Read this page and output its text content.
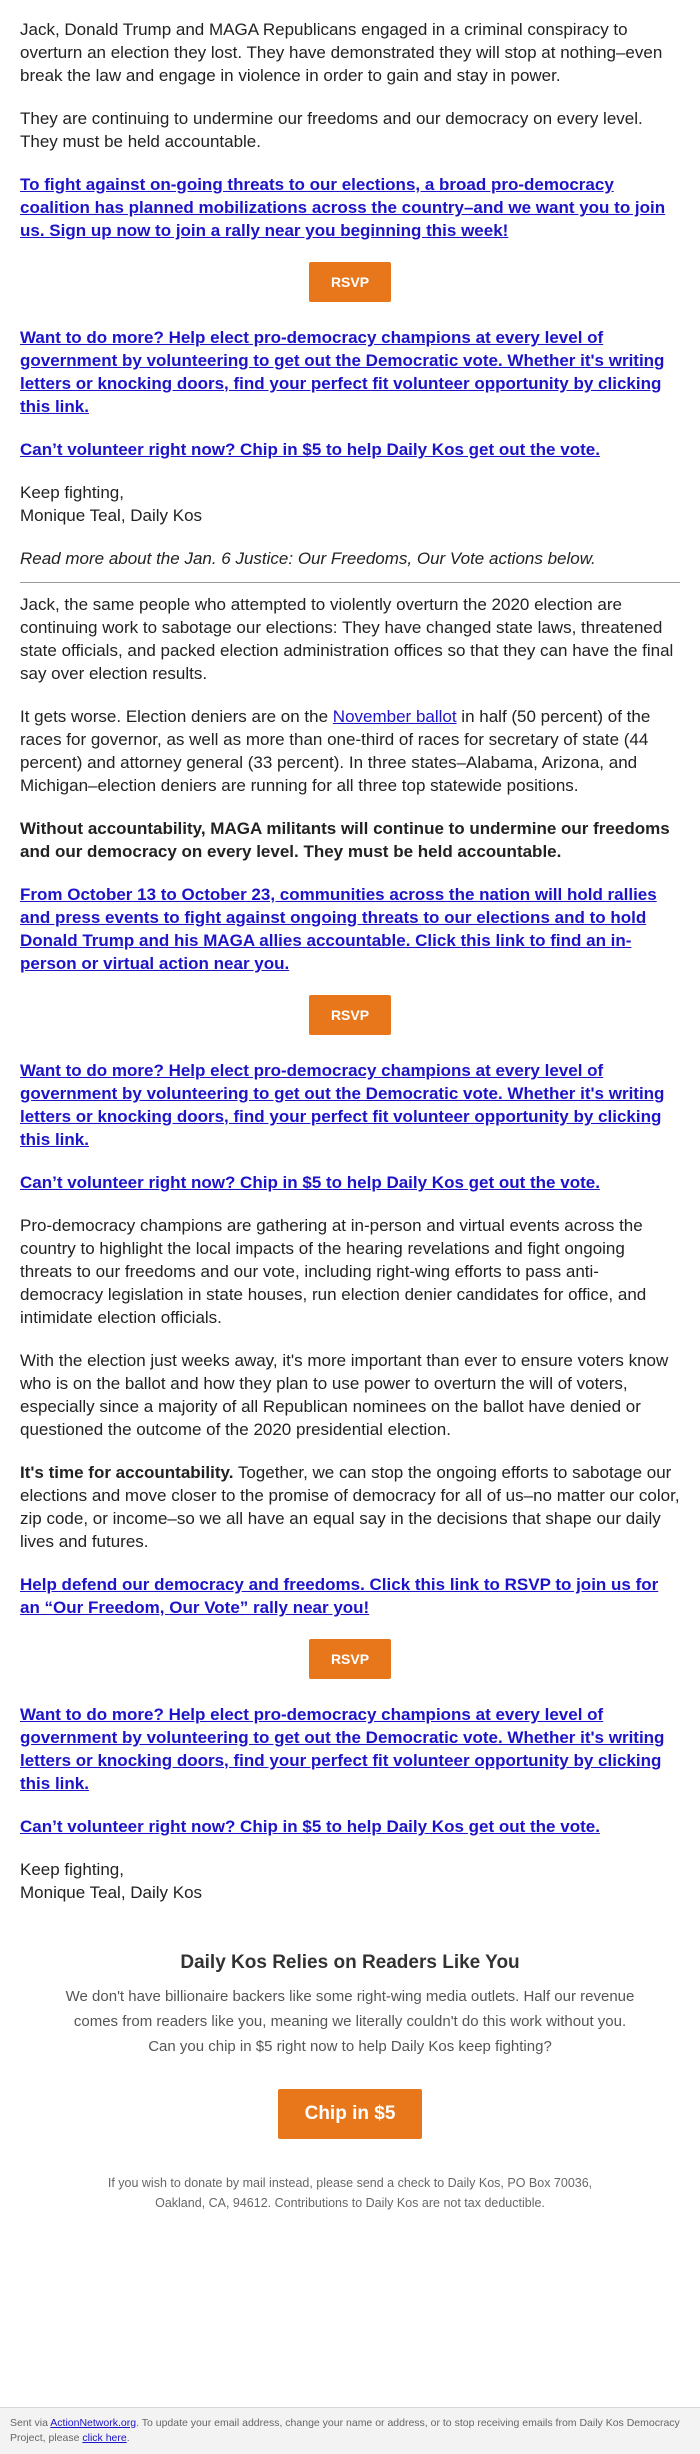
Jack, Donald Trump and MAGA Republicans engaged in a criminal conspiracy to overturn an election they lost. They have demonstrated they will stop at nothing–even break the law and engage in violence in order to gain and stay in power.

They are continuing to undermine our freedoms and our democracy on every level. They must be held accountable.

To fight against on-going threats to our elections, a broad pro-democracy coalition has planned mobilizations across the country–and we want you to join us. Sign up now to join a rally near you beginning this week!

RSVP

Want to do more? Help elect pro-democracy champions at every level of government by volunteering to get out the Democratic vote. Whether it's writing letters or knocking doors, find your perfect fit volunteer opportunity by clicking this link.

Can’t volunteer right now? Chip in $5 to help Daily Kos get out the vote.

Keep fighting,
Monique Teal, Daily Kos

Read more about the Jan. 6 Justice: Our Freedoms, Our Vote actions below.

Jack, the same people who attempted to violently overturn the 2020 election are continuing work to sabotage our elections: They have changed state laws, threatened state officials, and packed election administration offices so that they can have the final say over election results.

It gets worse. Election deniers are on the November ballot in half (50 percent) of the races for governor, as well as more than one-third of races for secretary of state (44 percent) and attorney general (33 percent). In three states–Alabama, Arizona, and Michigan–election deniers are running for all three top statewide positions.

Without accountability, MAGA militants will continue to undermine our freedoms and our democracy on every level. They must be held accountable.

From October 13 to October 23, communities across the nation will hold rallies and press events to fight against ongoing threats to our elections and to hold Donald Trump and his MAGA allies accountable. Click this link to find an in-person or virtual action near you.

RSVP

Want to do more? Help elect pro-democracy champions at every level of government by volunteering to get out the Democratic vote. Whether it's writing letters or knocking doors, find your perfect fit volunteer opportunity by clicking this link.

Can’t volunteer right now? Chip in $5 to help Daily Kos get out the vote.

Pro-democracy champions are gathering at in-person and virtual events across the country to highlight the local impacts of the hearing revelations and fight ongoing threats to our freedoms and our vote, including right-wing efforts to pass anti-democracy legislation in state houses, run election denier candidates for office, and intimidate election officials.

With the election just weeks away, it's more important than ever to ensure voters know who is on the ballot and how they plan to use power to overturn the will of voters, especially since a majority of all Republican nominees on the ballot have denied or questioned the outcome of the 2020 presidential election.

It's time for accountability. Together, we can stop the ongoing efforts to sabotage our elections and move closer to the promise of democracy for all of us–no matter our color, zip code, or income–so we all have an equal say in the decisions that shape our daily lives and futures.

Help defend our democracy and freedoms. Click this link to RSVP to join us for an “Our Freedom, Our Vote” rally near you!

RSVP

Want to do more? Help elect pro-democracy champions at every level of government by volunteering to get out the Democratic vote. Whether it's writing letters or knocking doors, find your perfect fit volunteer opportunity by clicking this link.

Can’t volunteer right now? Chip in $5 to help Daily Kos get out the vote.

Keep fighting,
Monique Teal, Daily Kos

Daily Kos Relies on Readers Like You

We don't have billionaire backers like some right-wing media outlets. Half our revenue comes from readers like you, meaning we literally couldn't do this work without you. Can you chip in $5 right now to help Daily Kos keep fighting?

Chip in $5
If you wish to donate by mail instead, please send a check to Daily Kos, PO Box 70036, Oakland, CA, 94612. Contributions to Daily Kos are not tax deductible.
Sent via ActionNetwork.org. To update your email address, change your name or address, or to stop receiving emails from Daily Kos Democracy Project, please click here.
